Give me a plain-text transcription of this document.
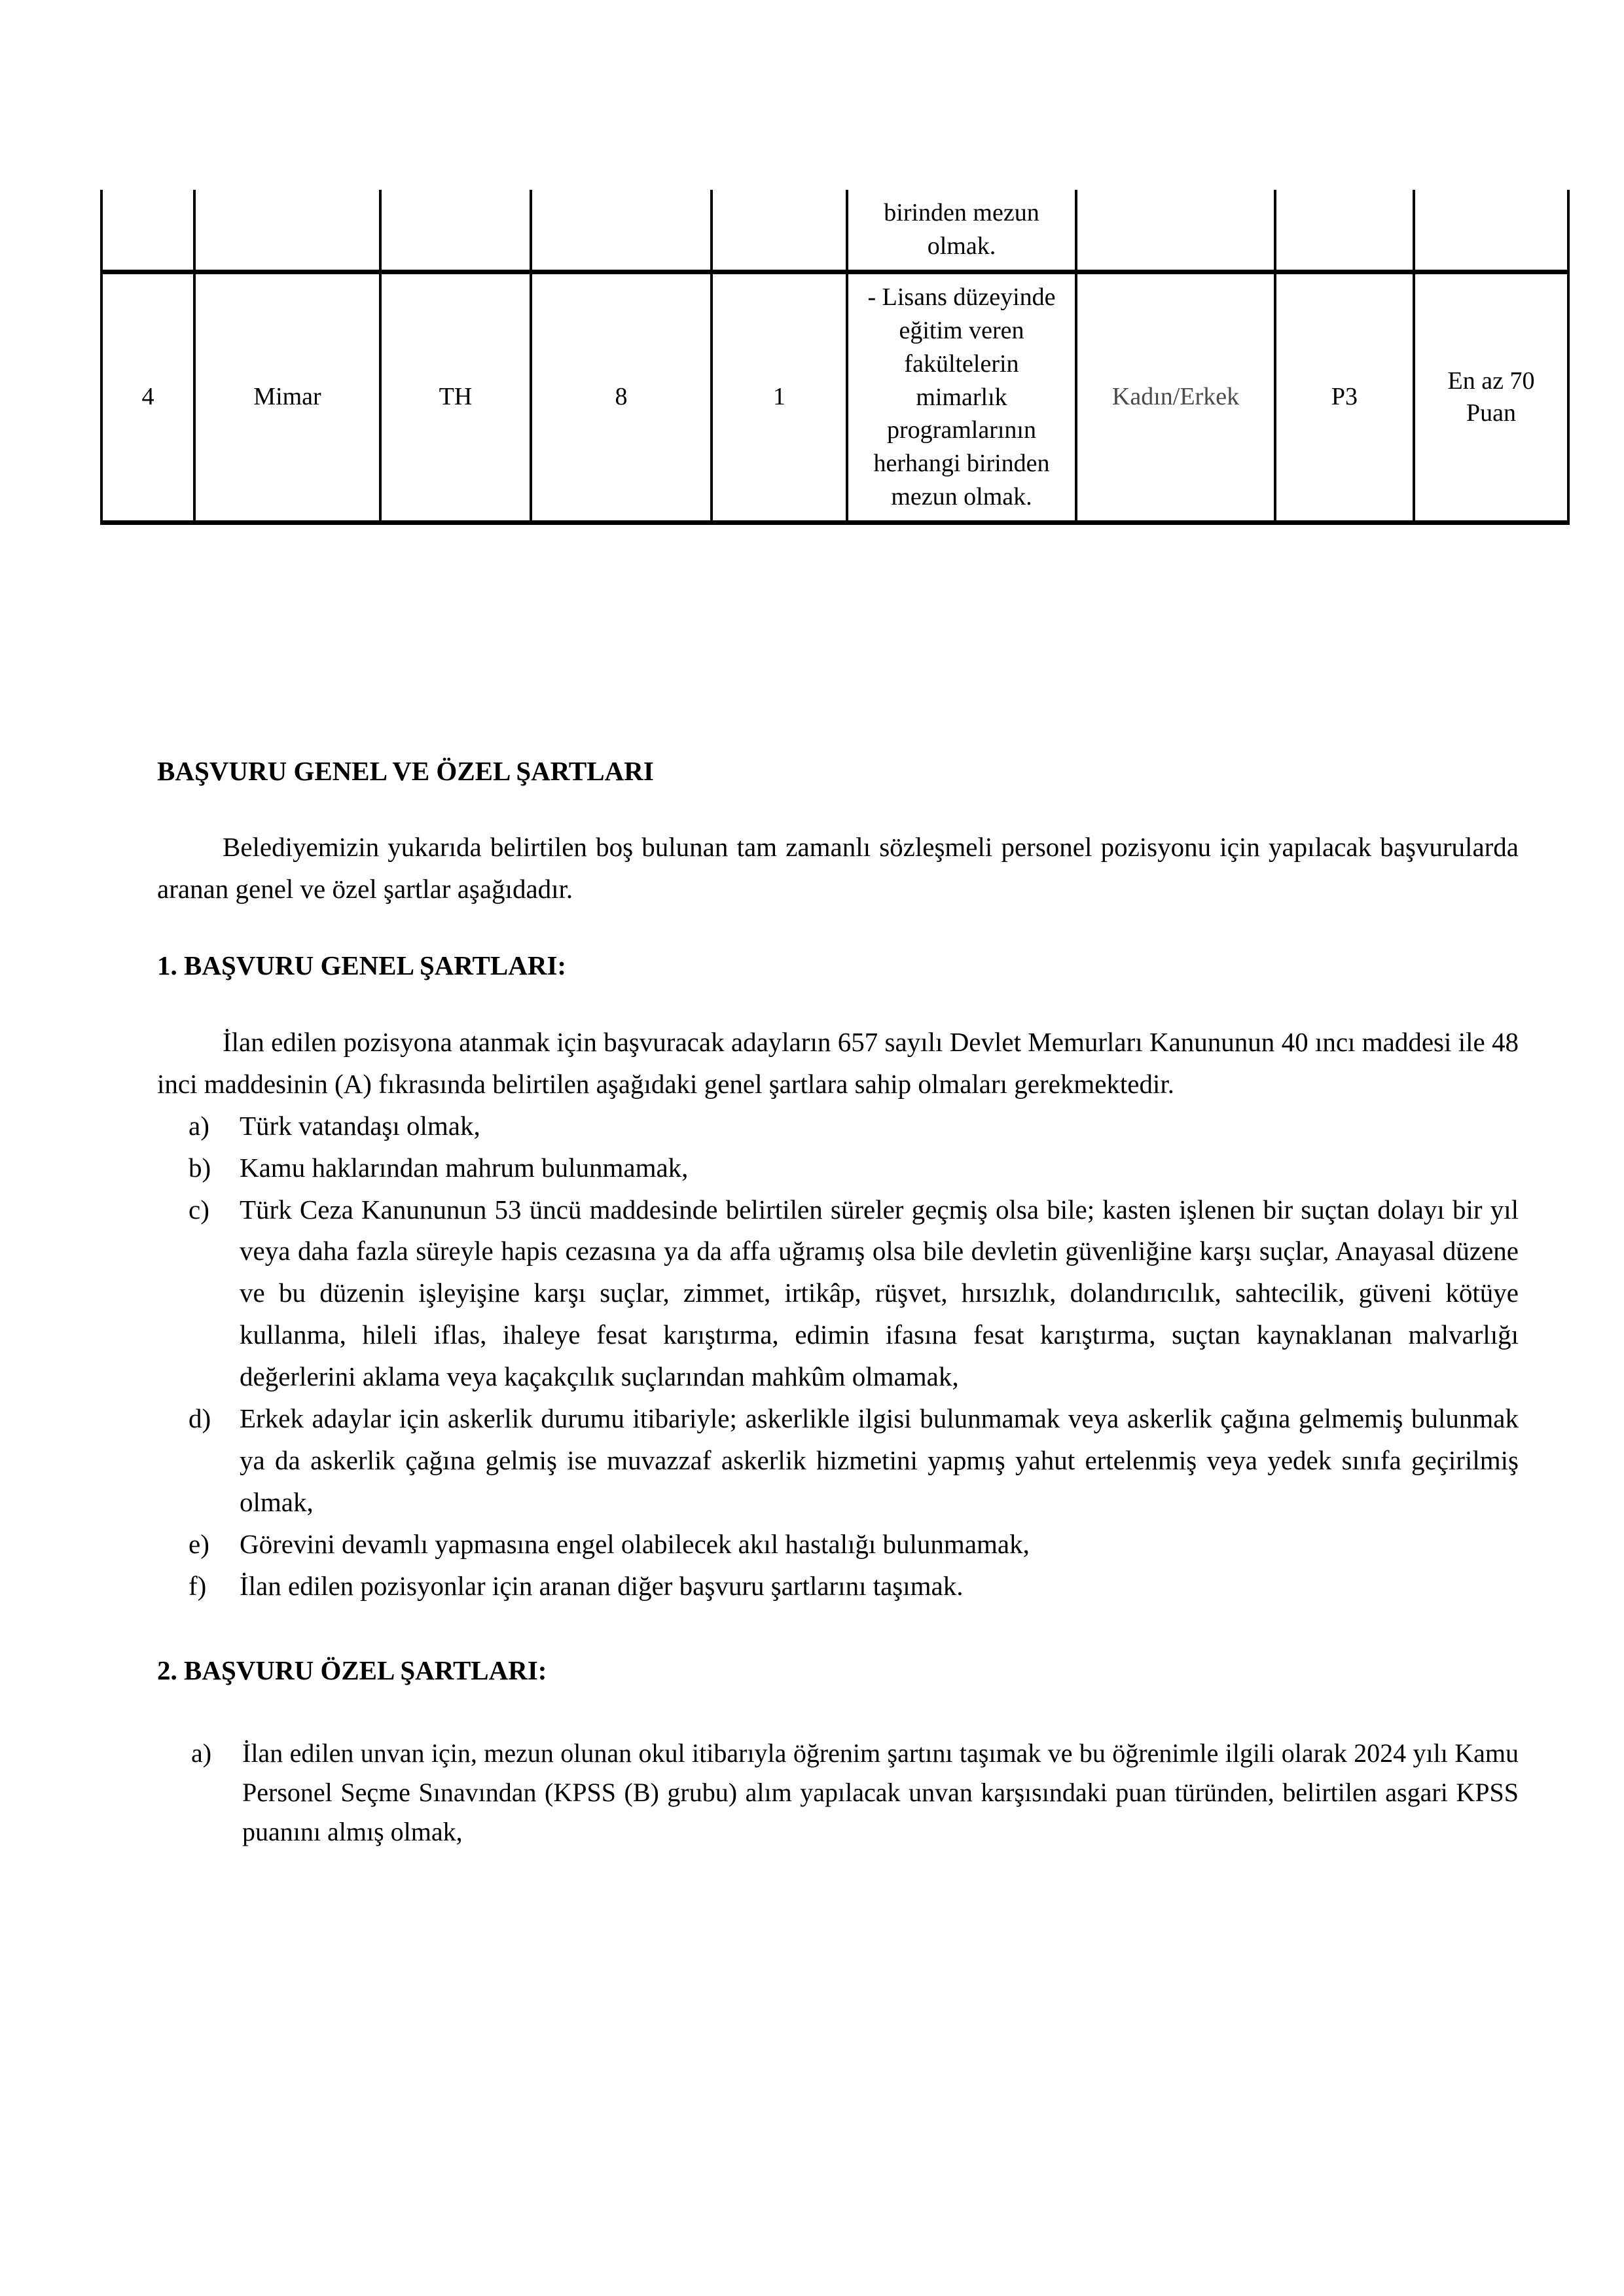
					birinden mezun olmak.			
4	Mimar	TH	8	1	- Lisans düzeyinde eğitim veren fakültelerin mimarlık programlarının herhangi birinden mezun olmak.	Kadın/Erkek	P3	En az 70 Puan
BAŞVURU GENEL VE ÖZEL ŞARTLARI

Belediyemizin yukarıda belirtilen boş bulunan tam zamanlı sözleşmeli personel pozisyonu için yapılacak başvurularda aranan genel ve özel şartlar aşağıdadır.

1. BAŞVURU GENEL ŞARTLARI:

İlan edilen pozisyona atanmak için başvuracak adayların 657 sayılı Devlet Memurları Kanununun 40 ıncı maddesi ile 48 inci maddesinin (A) fıkrasında belirtilen aşağıdaki genel şartlara sahip olmaları gerekmektedir.

a)	Türk vatandaşı olmak,
b)	Kamu haklarından mahrum bulunmamak,
c)	Türk Ceza Kanununun 53 üncü maddesinde belirtilen süreler geçmiş olsa bile; kasten işlenen bir suçtan dolayı bir yıl veya daha fazla süreyle hapis cezasına ya da affa uğramış olsa bile devletin güvenliğine karşı suçlar, Anayasal düzene ve bu düzenin işleyişine karşı suçlar, zimmet, irtikâp, rüşvet, hırsızlık, dolandırıcılık, sahtecilik, güveni kötüye kullanma, hileli iflas, ihaleye fesat karıştırma, edimin ifasına fesat karıştırma, suçtan kaynaklanan malvarlığı değerlerini aklama veya kaçakçılık suçlarından mahkûm olmamak,
d)	Erkek adaylar için askerlik durumu itibariyle; askerlikle ilgisi bulunmamak veya askerlik çağına gelmemiş bulunmak ya da askerlik çağına gelmiş ise muvazzaf askerlik hizmetini yapmış yahut ertelenmiş veya yedek sınıfa geçirilmiş olmak,
e)	Görevini devamlı yapmasına engel olabilecek akıl hastalığı bulunmamak,
f)	İlan edilen pozisyonlar için aranan diğer başvuru şartlarını taşımak.
2. BAŞVURU ÖZEL ŞARTLARI:
a)	İlan edilen unvan için, mezun olunan okul itibarıyla öğrenim şartını taşımak ve bu öğrenimle ilgili olarak 2024 yılı Kamu Personel Seçme Sınavından (KPSS (B) grubu) alım yapılacak unvan karşısındaki puan türünden, belirtilen asgari KPSS puanını almış olmak,
